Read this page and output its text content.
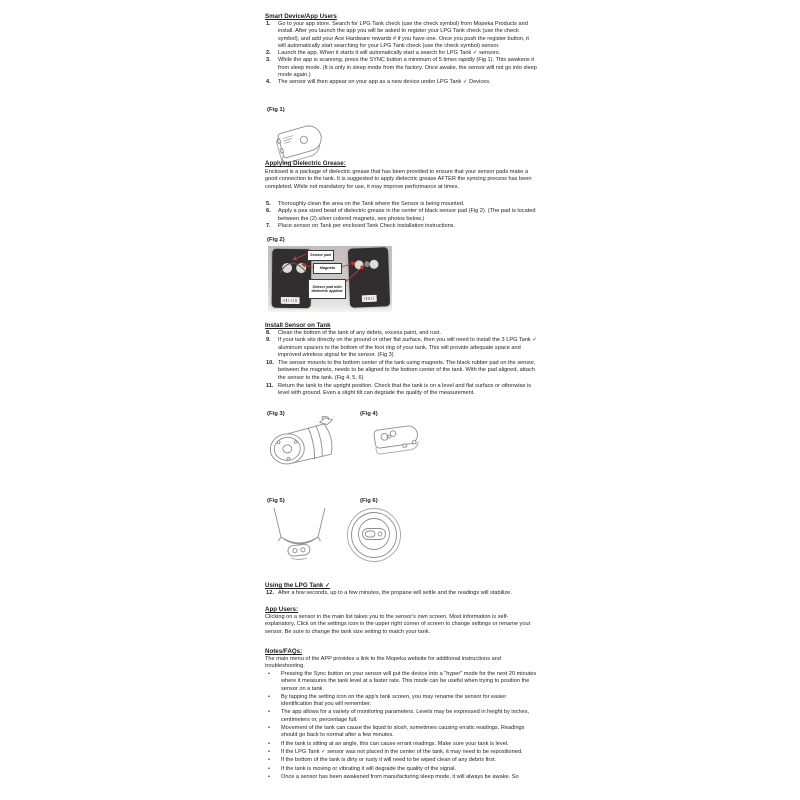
Smart Device/App Users
1.	Go to your app store. Search for LPG Tank check (use the check symbol) from Mopeka Products and install. After you launch the app you will be asked to register your LPG Tank check (use the check symbol), and add your Ace Hardware rewards # if you have one. Once you push the register button, it will automatically start searching for your LPG Tank check (use the check symbol) sensor.
2.	Launch the app. When it starts it will automatically start a search for LPG Tank ✓ sensors.
3.	While the app is scanning, press the SYNC button a minimum of 5 times rapidly (Fig 1). This awakens it from sleep mode. (It is only in sleep mode from the factory. Once awake, the sensor will not go into sleep mode again.)
4.	The sensor will then appear on your app as a new device under LPG Tank ✓ Devices.
(Fig 1)
Applying Dielectric Grease:
Enclosed is a package of dielectric grease that has been provided to ensure that your sensor pads make a good connection to the tank. It is suggested to apply dielectric grease AFTER the syncing process has been completed. While not mandatory for use, it may improve performance at times.
5.	Thoroughly clean the area on the Tank where the Sensor is being mounted.
6.	Apply a pea sized bead of dielectric grease in the center of black sensor pad (Fig 2). (The pad is located between the (2) silver colored magnets, see photos below.)
7.	Place sensor on Tank per enclosed Tank Check installation instructions.
(Fig 2)
Sensor pad
Magnets
Sensor pad with dielectric applied
Install Sensor on Tank
8.	Clean the bottom of the tank of any debris, excess paint, and rust.
9.	If your tank sits directly on the ground or other flat surface, then you will need to install the 3 LPG Tank ✓ aluminum spacers to the bottom of the foot ring of your tank. This will provide adequate space and improved wireless signal for the sensor. (Fig 3)
10. The sensor mounts to the bottom center of the tank using magnets. The black rubber pad on the sensor, between the magnets, needs to be aligned to the bottom center of the tank. With the pad aligned, attach the sensor to the tank. (Fig 4, 5, 6)
11. Return the tank to the upright position. Check that the tank is on a level and flat surface or otherwise is level with ground. Even a slight tilt can degrade the quality of the measurement.
(Fig 3)	(Fig 4)
(Fig 5)	(Fig 6)
Using the LPG Tank ✓
12. After a few seconds, up to a few minutes, the propane will settle and the readings will stabilize.
App Users:
Clicking on a sensor in the main list takes you to the sensor's own screen. Most information is self-explanatory. Click on the settings icon in the upper right corner of screen to change settings or rename your sensor. Be sure to change the tank size setting to match your tank.
Notes/FAQs:
The main menu of the APP provides a link to the Mopeka website for additional instructions and troubleshooting.
•	Pressing the Sync button on your sensor will put the device into a "hyper" mode for the next 20 minutes where it measures the tank level at a faster rate. This mode can be useful when trying to position the sensor on a tank.
•	By tapping the setting icon on the app's tank screen, you may rename the sensor for easier identification that you will remember.
•	The app allows for a variety of monitoring parameters. Levels may be expressed in height by inches, centimeters or, percentage full.
•	Movement of the tank can cause the liquid to slosh, sometimes causing erratic readings. Readings should go back to normal after a few minutes.
•	If the tank is sitting at an angle, this can cause errant readings. Make sure your tank is level.
•	If the LPG Tank ✓ sensor was not placed in the center of the tank, it may need to be repositioned.
•	If the bottom of the tank is dirty or rusty it will need to be wiped clean of any debris first.
•	If the tank is moving or vibrating it will degrade the quality of the signal.
•	Once a sensor has been awakened from manufacturing sleep mode, it will always be awake. So
